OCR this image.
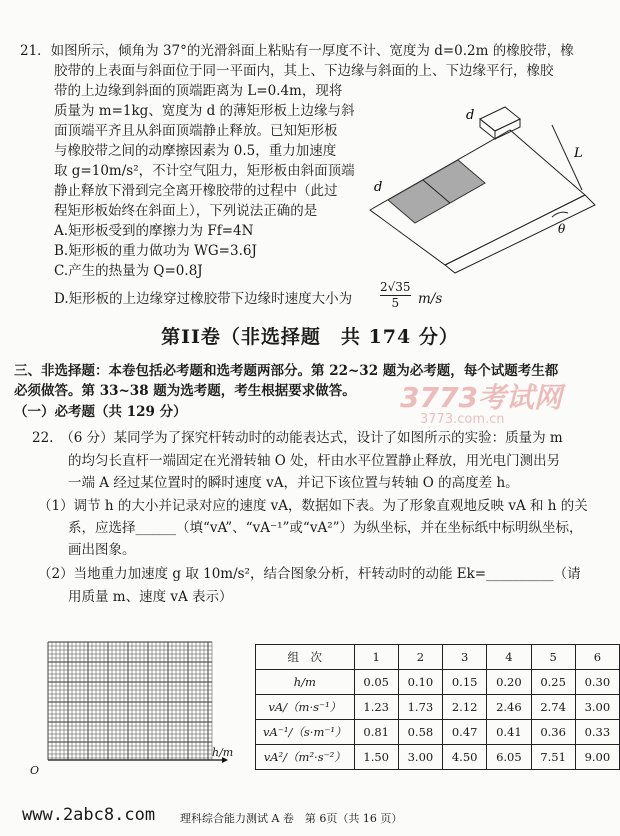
21．如图所示，倾角为 37°的光滑斜面上粘贴有一厚度不计、宽度为 d=0.2m 的橡胶带，橡
胶带的上表面与斜面位于同一平面内，其上、下边缘与斜面的上、下边缘平行，橡胶
带的上边缘到斜面的顶端距离为 L=0.4m，现将
质量为 m=1kg、宽度为 d 的薄矩形板上边缘与斜
面顶端平齐且从斜面顶端静止释放。已知矩形板
与橡胶带之间的动摩擦因素为 0.5，重力加速度
取 g=10m/s²，不计空气阻力，矩形板由斜面顶端
静止释放下滑到完全离开橡胶带的过程中（此过
程矩形板始终在斜面上），下列说法正确的是
A.矩形板受到的摩擦力为 Ff=4N
B.矩形板的重力做功为 WG=3.6J
C.产生的热量为 Q=0.8J
D.矩形板的上边缘穿过橡胶带下边缘时速度大小为 $\frac{2√35}{5} m/s$
d
d
L
θ
第II卷（非选择题　共 174 分）
三、非选择题：本卷包括必考题和选考题两部分。第 22~32 题为必考题，每个试题考生都
必须做答。第 33~38 题为选考题，考生根据要求做答。
（一）必考题（共 129 分）	3773考试网
3773.com.cn
22.　（6 分）某同学为了探究杆转动时的动能表达式，设计了如图所示的实验：质量为 m
的均匀长直杆一端固定在光滑转轴 O 处，杆由水平位置静止释放，用光电门测出另
一端 A 经过某位置时的瞬时速度 vA，并记下该位置与转轴 O 的高度差 h。
（1）调节 h 的大小并记录对应的速度 vA，数据如下表。为了形象直观地反映 vA 和 h 的关
系，应选择______（填“vA”、“vA⁻¹”或“vA²”）为纵坐标，并在坐标纸中标明纵坐标，
画出图象。
（2）当地重力加速度 g 取 10m/s²，结合图象分析，杆转动时的动能 Ek=__________（请
用质量 m、速度 vA 表示）
h/m
O
组　次	1	2	3	4	5	6
h/m	0.05	0.10	0.15	0.20	0.25	0.30
vA/（m·s⁻¹）	1.23	1.73	2.12	2.46	2.74	3.00
vA⁻¹/（s·m⁻¹）	0.81	0.58	0.47	0.41	0.36	0.33
vA²/（m²·s⁻²）	1.50	3.00	4.50	6.05	7.51	9.00
www.2abc8.com 理科综合能力测试 A 卷　第 6页（共 16 页）
